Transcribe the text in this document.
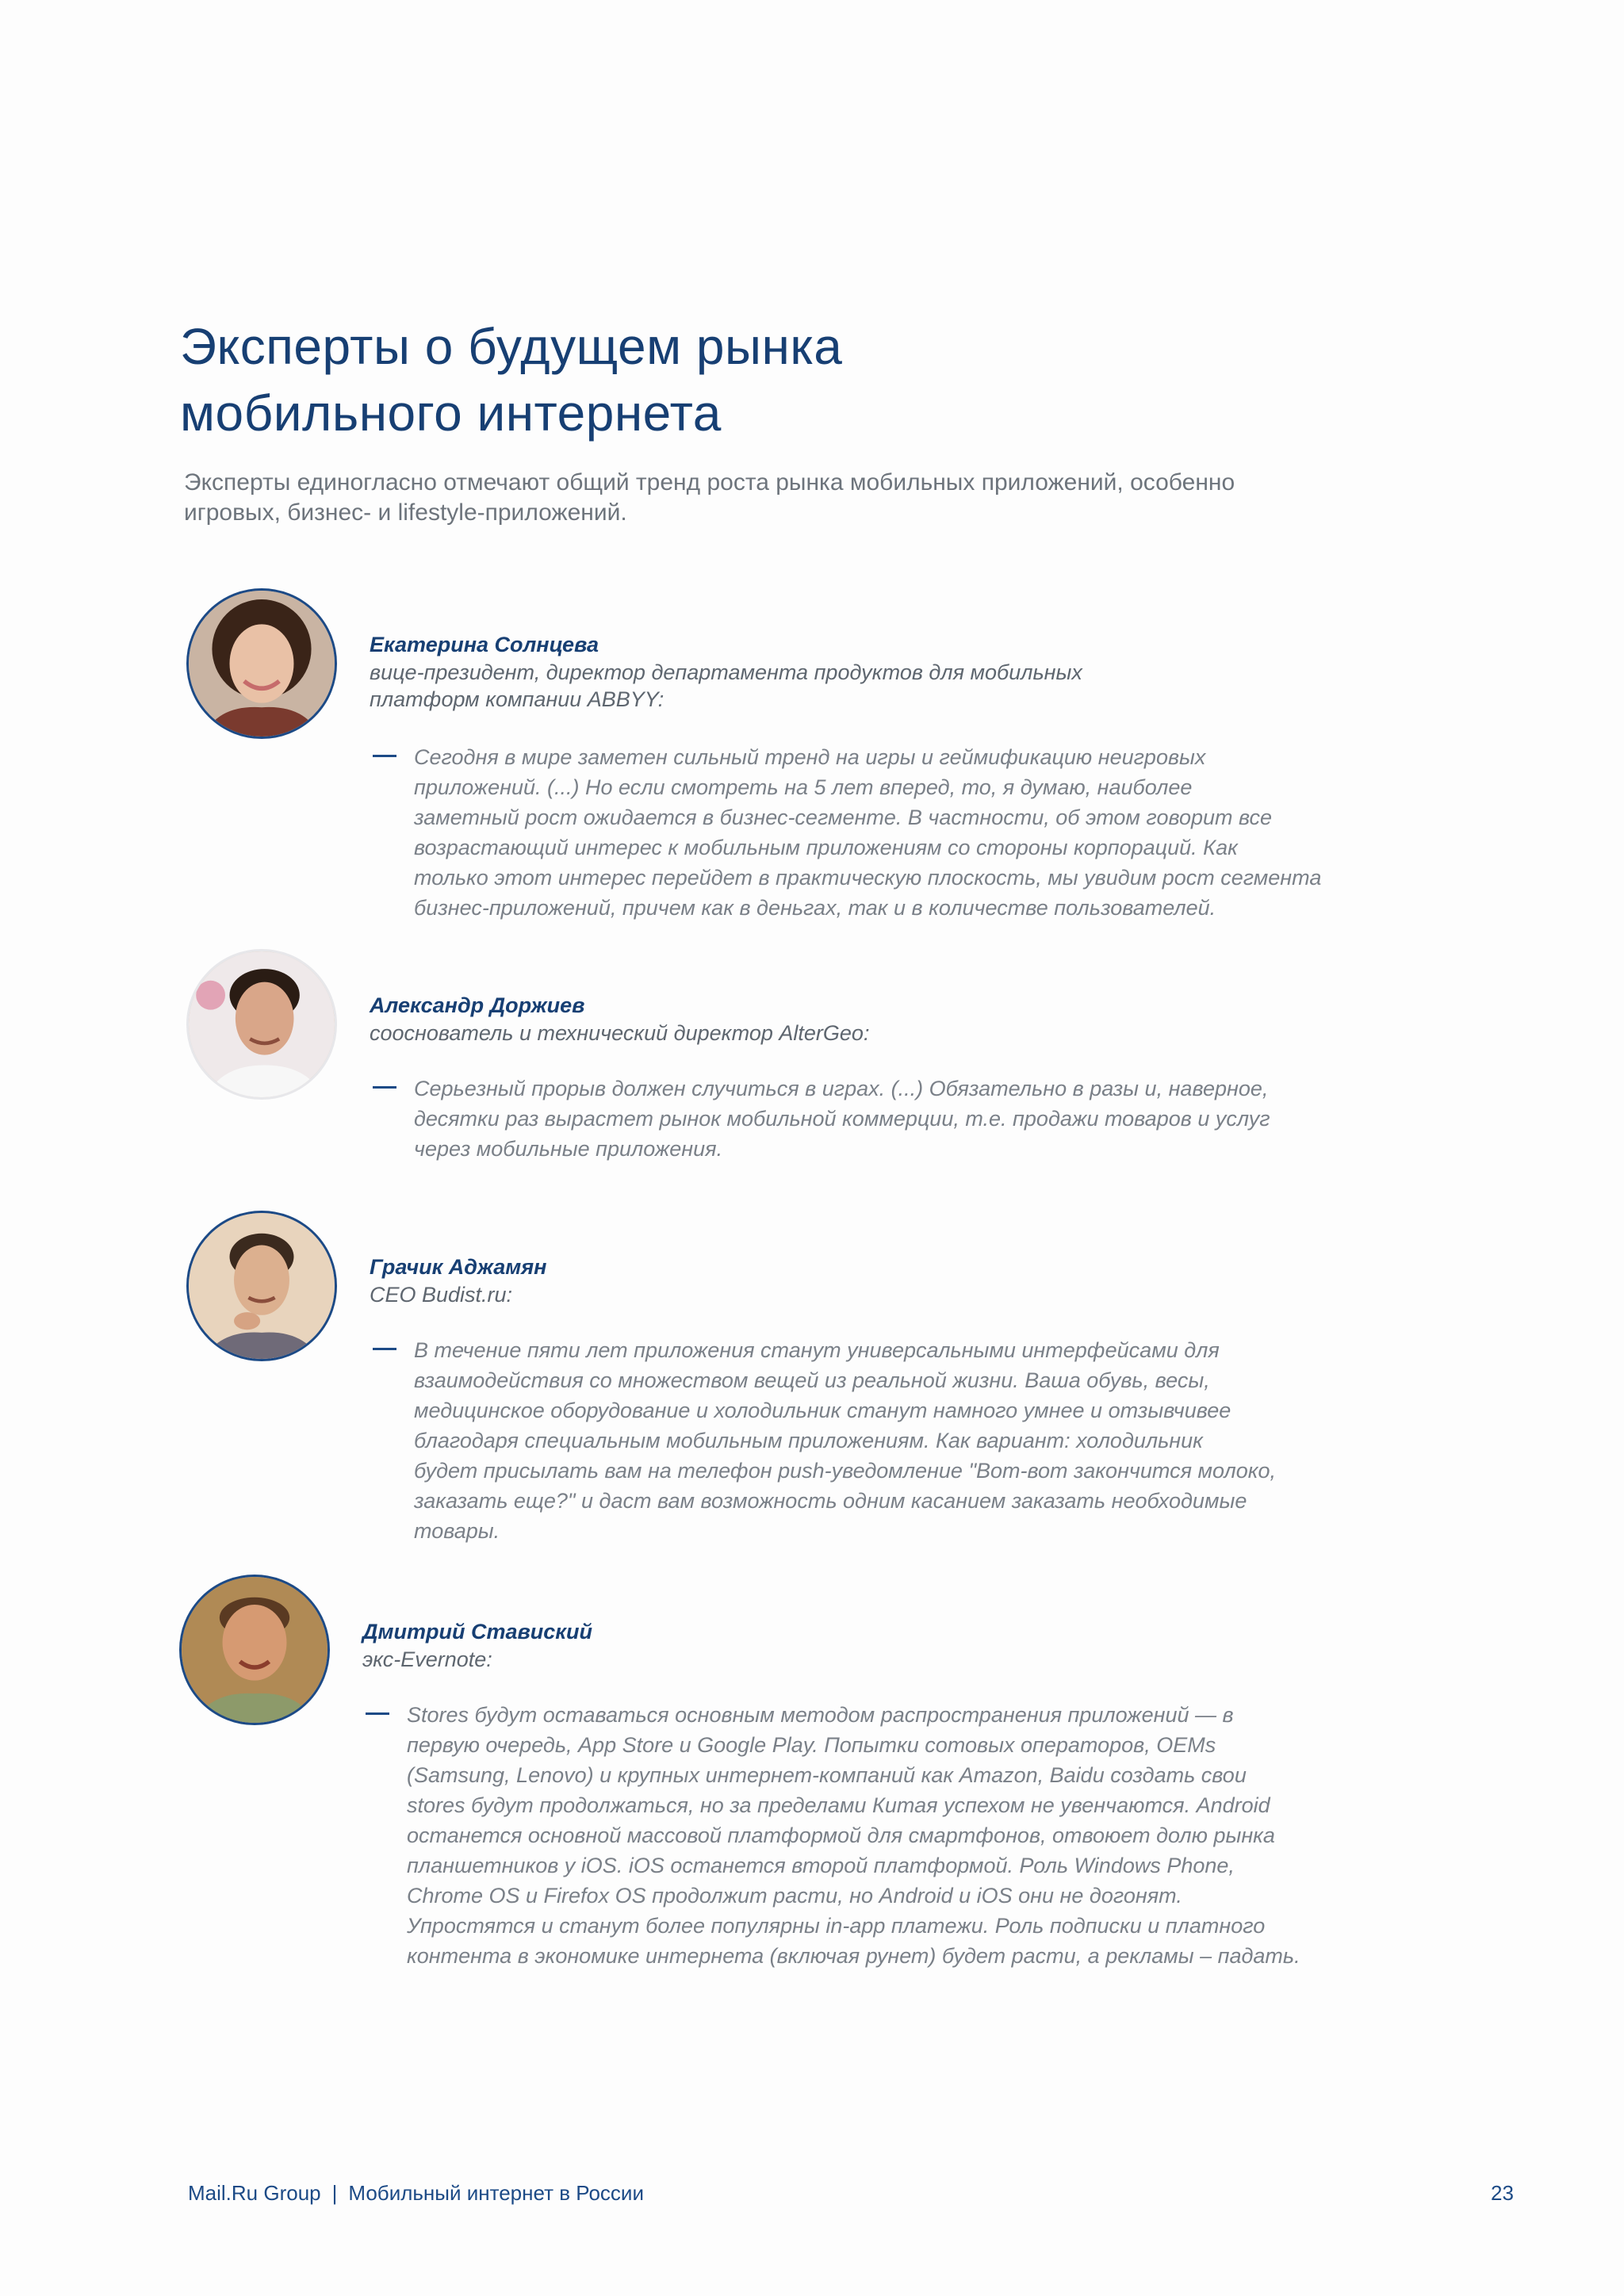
Эксперты о будущем рынка
мобильного интернета

Эксперты единогласно отмечают общий тренд роста рынка мобильных приложений, особенно
игровых, бизнес- и lifestyle-приложений.

Екатерина Солнцева

вице-президент, директор департамента продуктов для мобильных
платформ компании ABBYY:

Сегодня в мире заметен сильный тренд на игры и геймификацию неигровых
приложений. (...) Но если смотреть на 5 лет вперед, то, я думаю, наиболее
заметный рост ожидается в бизнес-сегменте. В частности, об этом говорит все
возрастающий интерес к мобильным приложениям со стороны корпораций. Как
только этот интерес перейдет в практическую плоскость, мы увидим рост сегмента
бизнес-приложений, причем как в деньгах, так и в количестве пользователей.

Александр Доржиев

сооснователь и технический директор AlterGeo:

Серьезный прорыв должен случиться в играх. (...) Обязательно в разы и, наверное,
десятки раз вырастет рынок мобильной коммерции, т.е. продажи товаров и услуг
через мобильные приложения.

Грачик Аджамян

CEO Budist.ru:

В течение пяти лет приложения станут универсальными интерфейсами для
взаимодействия со множеством вещей из реальной жизни. Ваша обувь, весы,
медицинское оборудование и холодильник станут намного умнее и отзывчивее
благодаря специальным мобильным приложениям. Как вариант: холодильник
будет присылать вам на телефон push-уведомление "Вот-вот закончится молоко,
заказать еще?" и даст вам возможность одним касанием заказать необходимые
товары.

Дмитрий Ставиский

экс-Evernote:

Stores будут оставаться основным методом распространения приложений — в
первую очередь, App Store и Google Play. Попытки сотовых операторов, OEMs
(Samsung, Lenovo) и крупных интернет-компаний как Amazon, Baidu создать свои
stores будут продолжаться, но за пределами Китая успехом не увенчаются. Android
останется основной массовой платформой для смартфонов, отвоюет долю рынка
планшетников у iOS. iOS останется второй платформой. Роль Windows Phone,
Chrome OS и Firefox OS продолжит расти, но Android и iOS они не догонят.
Упростятся и станут более популярны in-app платежи. Роль подписки и платного
контента в экономике интернета (включая рунет) будет расти, а рекламы – падать.

Mail.Ru Group | Мобильный интернет в России	23
